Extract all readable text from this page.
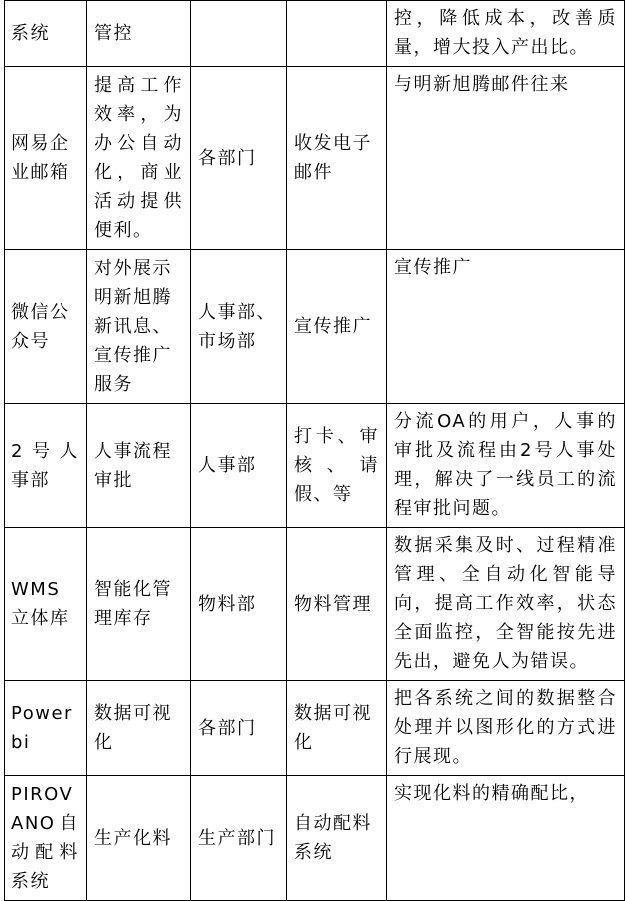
系统	管控			控，降低成本，改善质量，增大投入产出比。

网易企业邮箱	提高工作效率，为办公自动化，商业活动提供便利。	各部门	收发电子邮件	与明新旭腾邮件往来

微信公众号	对外展示明新旭腾新讯息、宣传推广服务	人事部、市场部	宣传推广	宣传推广

2号人事部	人事流程审批	人事部	打卡、审核、请假、等	分流OA的用户，人事的审批及流程由2号人事处理，解决了一线员工的流程审批问题。

WMS立体库	智能化管理库存	物料部	物料管理	数据采集及时、过程精准管理、全自动化智能导向，提高工作效率，状态全面监控，全智能按先进先出，避免人为错误。

Power bi	数据可视化	各部门	数据可视化	把各系统之间的数据整合处理并以图形化的方式进行展现。

PIROVANO自动配料系统	生产化料	生产部门	自动配料系统	实现化料的精确配比，
